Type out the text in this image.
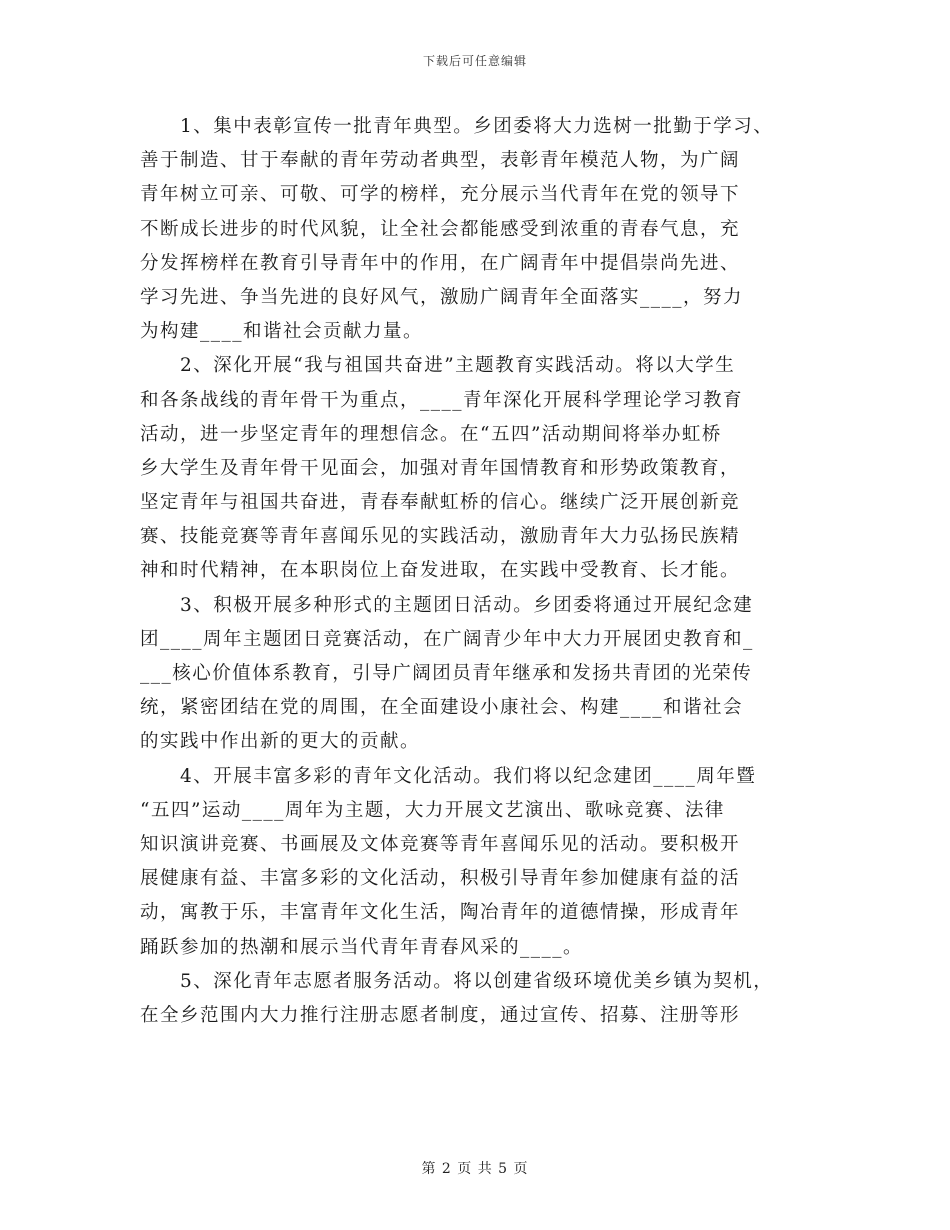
下载后可任意编辑
1、集中表彰宣传一批青年典型。乡团委将大力选树一批勤于学习、
善于制造、甘于奉献的青年劳动者典型，表彰青年模范人物，为广阔
青年树立可亲、可敬、可学的榜样，充分展示当代青年在党的领导下
不断成长进步的时代风貌，让全社会都能感受到浓重的青春气息，充
分发挥榜样在教育引导青年中的作用，在广阔青年中提倡崇尚先进、
学习先进、争当先进的良好风气，激励广阔青年全面落实____，努力
为构建____和谐社会贡献力量。
2、深化开展“我与祖国共奋进”主题教育实践活动。将以大学生
和各条战线的青年骨干为重点，____青年深化开展科学理论学习教育
活动，进一步坚定青年的理想信念。在“五四”活动期间将举办虹桥
乡大学生及青年骨干见面会，加强对青年国情教育和形势政策教育，
坚定青年与祖国共奋进，青春奉献虹桥的信心。继续广泛开展创新竞
赛、技能竞赛等青年喜闻乐见的实践活动，激励青年大力弘扬民族精
神和时代精神，在本职岗位上奋发进取，在实践中受教育、长才能。
3、积极开展多种形式的主题团日活动。乡团委将通过开展纪念建
团____周年主题团日竞赛活动，在广阔青少年中大力开展团史教育和_
___核心价值体系教育，引导广阔团员青年继承和发扬共青团的光荣传
统，紧密团结在党的周围，在全面建设小康社会、构建____和谐社会
的实践中作出新的更大的贡献。
4、开展丰富多彩的青年文化活动。我们将以纪念建团____周年暨
“五四”运动____周年为主题，大力开展文艺演出、歌咏竞赛、法律
知识演讲竞赛、书画展及文体竞赛等青年喜闻乐见的活动。要积极开
展健康有益、丰富多彩的文化活动，积极引导青年参加健康有益的活
动，寓教于乐，丰富青年文化生活，陶冶青年的道德情操，形成青年
踊跃参加的热潮和展示当代青年青春风采的____。
5、深化青年志愿者服务活动。将以创建省级环境优美乡镇为契机，
在全乡范围内大力推行注册志愿者制度，通过宣传、招募、注册等形
第 2 页 共 5 页
